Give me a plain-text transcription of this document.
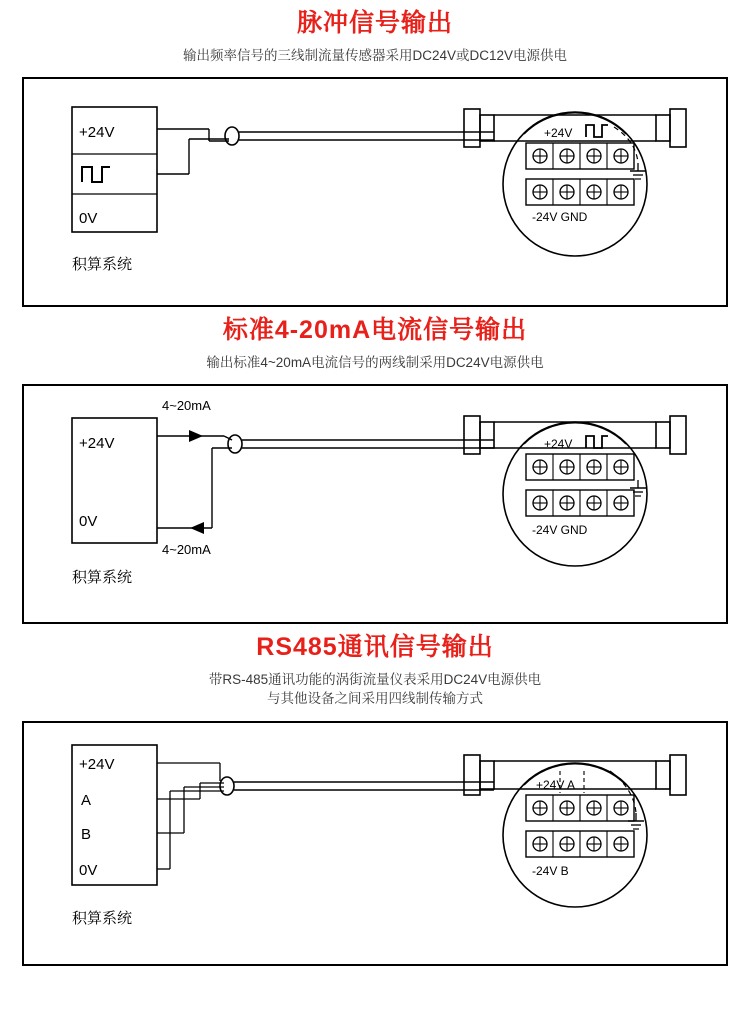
脉冲信号输出
输出频率信号的三线制流量传感器采用DC24V或DC12V电源供电
+24V
0V
积算系统
+24V
-24V GND
标准4-20mA电流信号输出
输出标准4~20mA电流信号的两线制采用DC24V电源供电
+24V
0V
积算系统
4~20mA
4~20mA
+24V
-24V GND
RS485通讯信号输出
带RS-485通讯功能的涡街流量仪表采用DC24V电源供电
与其他设备之间采用四线制传输方式
+24V
A
B
0V
积算系统
+24V A
-24V B
